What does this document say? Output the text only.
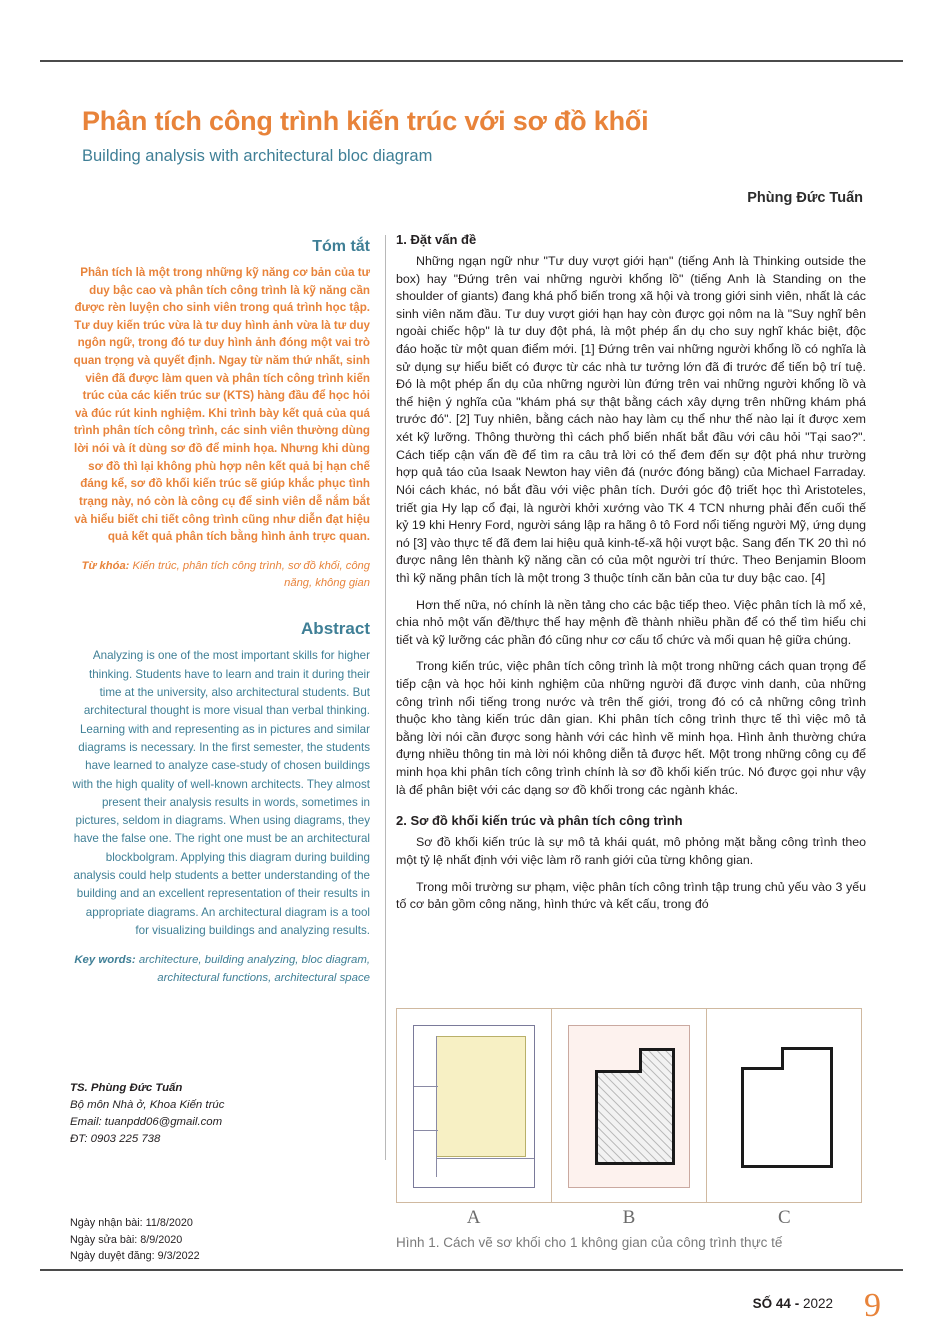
Phân tích công trình kiến trúc với sơ đồ khối
Building analysis with architectural bloc diagram
Phùng Đức Tuấn
Tóm tắt

Phân tích là một trong những kỹ năng cơ bản của tư duy bậc cao và phân tích công trình là kỹ năng cần được rèn luyện cho sinh viên trong quá trình học tập. Tư duy kiến trúc vừa là tư duy hình ảnh vừa là tư duy ngôn ngữ, trong đó tư duy hình ảnh đóng một vai trò quan trọng và quyết định. Ngay từ năm thứ nhất, sinh viên đã được làm quen và phân tích công trình kiến trúc của các kiến trúc sư (KTS) hàng đầu để học hỏi và đúc rút kinh nghiệm. Khi trình bày kết quả của quá trình phân tích công trình, các sinh viên thường dùng lời nói và ít dùng sơ đồ để minh họa. Nhưng khi dùng sơ đồ thì lại không phù hợp nên kết quả bị hạn chế đáng kể, sơ đồ khối kiến trúc sẽ giúp khắc phục tình trạng này, nó còn là công cụ để sinh viên dễ nắm bắt và hiểu biết chi tiết công trình cũng như diễn đạt hiệu quả kết quả phân tích bằng hình ảnh trực quan.

Từ khóa: Kiến trúc, phân tích công trình, sơ đồ khối, công năng, không gian

Abstract

Analyzing is one of the most important skills for higher thinking. Students have to learn and train it during their time at the university, also architectural students. But architectural thought is more visual than verbal thinking. Learning with and representing as in pictures and similar diagrams is necessary. In the first semester, the students have learned to analyze case-study of chosen buildings with the high quality of well-known architects. They almost present their analysis results in words, sometimes in pictures, seldom in diagrams. When using diagrams, they have the false one. The right one must be an architectural blockbolgram. Applying this diagram during building analysis could help students a better understanding of the building and an excellent representation of their results in appropriate diagrams. An architectural diagram is a tool for visualizing buildings and analyzing results.

Key words: architecture, building analyzing, bloc diagram, architectural functions, architectural space

TS. Phùng Đức Tuấn
Bộ môn Nhà ở, Khoa Kiến trúc
Email: tuanpdd06@gmail.com
ĐT: 0903 225 738
Ngày nhận bài: 11/8/2020
Ngày sửa bài: 8/9/2020
Ngày duyệt đăng: 9/3/2022
1. Đặt vấn đề

Những ngạn ngữ như "Tư duy vượt giới hạn" (tiếng Anh là Thinking outside the box) hay "Đứng trên vai những người khổng lồ" (tiếng Anh là Standing on the shoulder of giants) đang khá phổ biến trong xã hội và trong giới sinh viên, nhất là các sinh viên năm đầu. Tư duy vượt giới hạn hay còn được gọi nôm na là "Suy nghĩ bên ngoài chiếc hộp" là tư duy đột phá, là một phép ẩn dụ cho suy nghĩ khác biệt, độc đáo hoặc từ một quan điểm mới. [1] Đứng trên vai những người khổng lồ có nghĩa là sử dụng sự hiểu biết có được từ các nhà tư tưởng lớn đã đi trước để tiến bộ trí tuệ. Đó là một phép ẩn dụ của những người lùn đứng trên vai những người khổng lồ và thể hiện ý nghĩa của "khám phá sự thật bằng cách xây dựng trên những khám phá trước đó". [2] Tuy nhiên, bằng cách nào hay làm cụ thể như thế nào lại ít được xem xét kỹ lưỡng. Thông thường thì cách phổ biến nhất bắt đầu với câu hỏi "Tại sao?". Cách tiếp cận vấn đề để tìm ra câu trả lời có thể đem đến sự đột phá như trường hợp quả táo của Isaak Newton hay viên đá (nước đóng băng) của Michael Farraday. Nói cách khác, nó bắt đầu với việc phân tích. Dưới góc độ triết học thì Aristoteles, triết gia Hy lạp cổ đại, là người khởi xướng vào TK 4 TCN nhưng phải đến cuối thế kỷ 19 khi Henry Ford, người sáng lập ra hãng ô tô Ford nổi tiếng người Mỹ, ứng dụng nó [3] vào thực tế đã đem lai hiệu quả kinh-tế-xã hội vượt bậc. Sang đến TK 20 thì nó được nâng lên thành kỹ năng cần có của một người trí thức. Theo Benjamin Bloom thì kỹ năng phân tích là một trong 3 thuộc tính căn bản của tư duy bậc cao. [4]

Hơn thế nữa, nó chính là nền tảng cho các bậc tiếp theo. Việc phân tích là mổ xẻ, chia nhỏ một vấn đề/thực thể hay mệnh đề thành nhiều phần để có thể tìm hiểu chi tiết và kỹ lưỡng các phần đó cũng như cơ cấu tổ chức và mối quan hệ giữa chúng.

Trong kiến trúc, việc phân tích công trình là một trong những cách quan trọng để tiếp cận và học hỏi kinh nghiệm của những người đã được vinh danh, của những công trình nổi tiếng trong nước và trên thế giới, trong đó có cả những công trình thuộc kho tàng kiến trúc dân gian. Khi phân tích công trình thực tế thì việc mô tả bằng lời nói cần được song hành với các hình vẽ minh họa. Hình ảnh thường chứa đựng nhiều thông tin mà lời nói không diễn tả được hết. Một trong những công cụ để minh họa khi phân tích công trình chính là sơ đồ khối kiến trúc. Nó được gọi như vậy là để phân biệt với các dạng sơ đồ khối trong các ngành khác.

2. Sơ đồ khối kiến trúc và phân tích công trình

Sơ đồ khối kiến trúc là sự mô tả khái quát, mô phỏng mặt bằng công trình theo một tỷ lệ nhất định với việc làm rõ ranh giới của từng không gian.

Trong môi trường sư phạm, việc phân tích công trình tập trung chủ yếu vào 3 yếu tố cơ bản gồm công năng, hình thức và kết cấu, trong đó

A	B	C
Hình 1. Cách vẽ sơ khối cho 1 không gian của công trình thực tế
SỐ 44 - 2022 9
